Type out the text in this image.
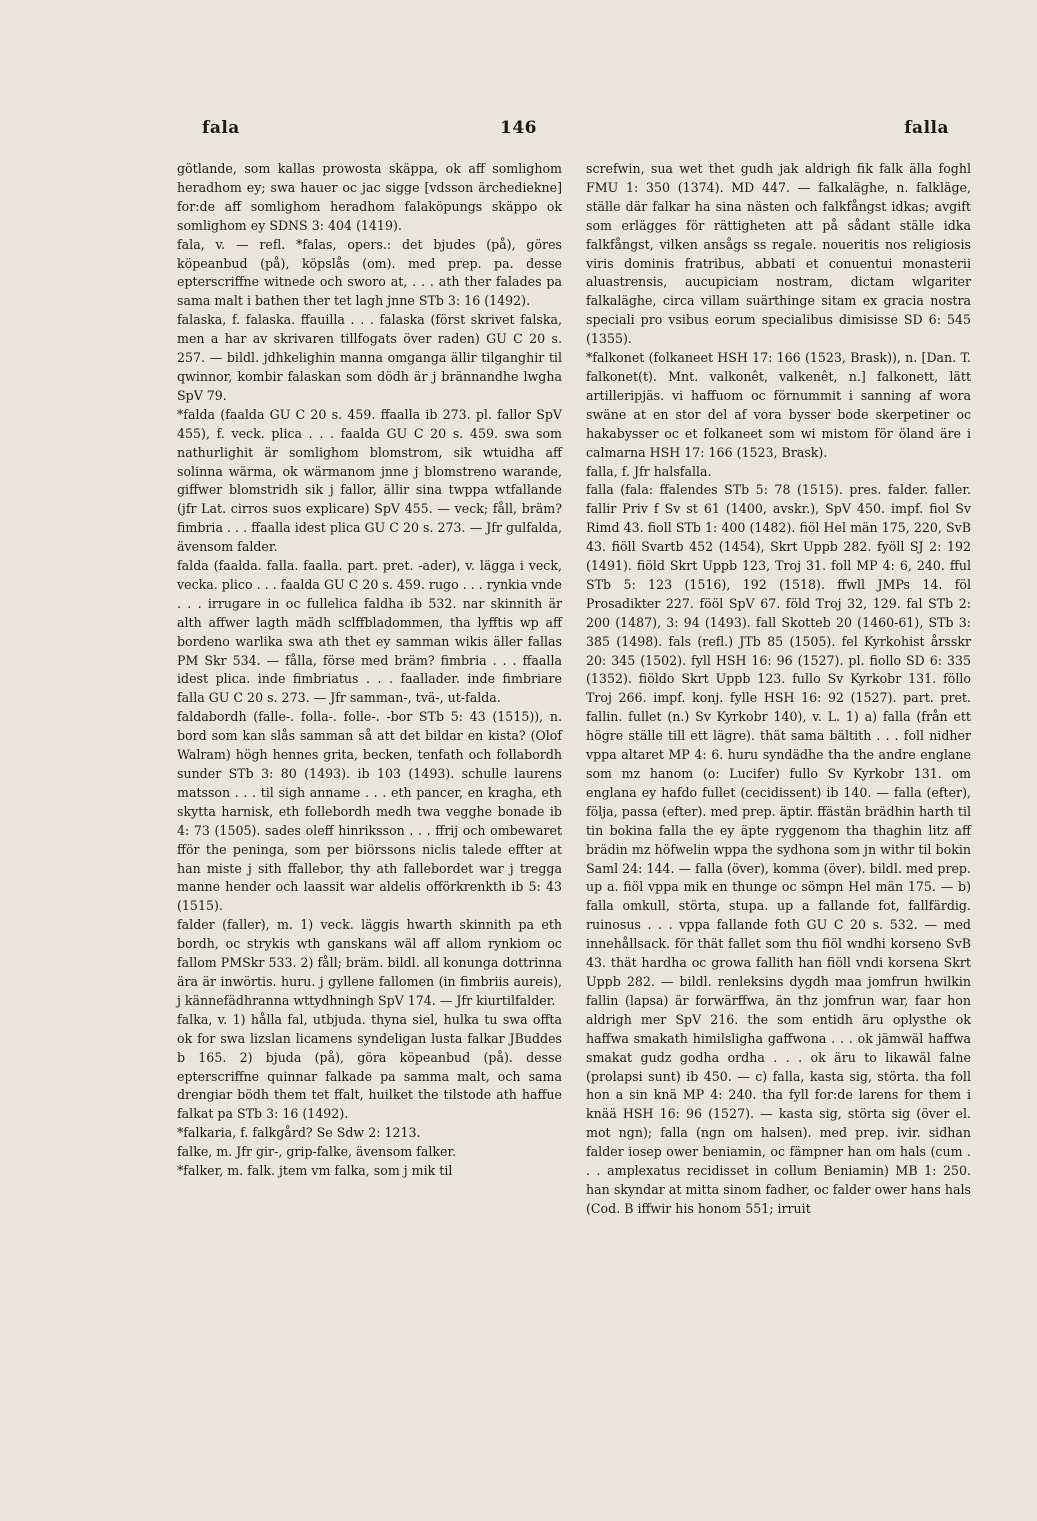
fala	146	falla

götlande, som kallas prowosta skäppa, ok aff somlighom heradhom ey; swa hauer oc jac sigge [vdsson ärchediekne] for:de aff somlighom heradhom falaköpungs skäppo ok somlighom ey SDNS 3: 404 (1419).

fala, v. — refl. *falas, opers.: det bjudes (på), göres köpeanbud (på), köpslås (om). med prep. pa. desse epterscriffne witnede och sworo at, . . . ath ther falades pa sama malt i bathen ther tet lagh jnne STb 3: 16 (1492).

falaska, f. falaska. ffauilla . . . falaska (först skrivet falska, men a har av skrivaren tillfogats över raden) GU C 20 s. 257. — bildl. jdhkelighin manna omganga ällir tilganghir til qwinnor, kombir falaskan som dödh är j brännandhe lwgha SpV 79.

*falda (faalda GU C 20 s. 459. ffaalla ib 273. pl. fallor SpV 455), f. veck. plica . . . faalda GU C 20 s. 459. swa som nathurlighit är somlighom blomstrom, sik wtuidha aff solinna wärma, ok wärmanom jnne j blomstreno warande, giffwer blomstridh sik j fallor, ällir sina twppa wtfallande (jfr Lat. cirros suos explicare) SpV 455. — veck; fåll, bräm? fimbria . . . ffaalla idest plica GU C 20 s. 273. — Jfr gulfalda, ävensom falder.

falda (faalda. falla. faalla. part. pret. -ader), v. lägga i veck, vecka. plico . . . faalda GU C 20 s. 459. rugo . . . rynkia vnde . . . irrugare in oc fullelica faldha ib 532. nar skinnith är alth affwer lagth mädh sclffbladommen, tha lyfftis wp aff bordeno warlika swa ath thet ey samman wikis äller fallas PM Skr 534. — fålla, förse med bräm? fimbria . . . ffaalla idest plica. inde fimbriatus . . . faallader. inde fimbriare falla GU C 20 s. 273. — Jfr samman-, tvä-, ut-falda.

faldabordh (falle-. folla-. folle-. -bor STb 5: 43 (1515)), n. bord som kan slås samman så att det bildar en kista? (Olof Walram) högh hennes grita, becken, tenfath och follabordh sunder STb 3: 80 (1493). ib 103 (1493). schulle laurens matsson . . . til sigh anname . . . eth pancer, en kragha, eth skytta harnisk, eth follebordh medh twa vegghe bonade ib 4: 73 (1505). sades oleff hinriksson . . . ffrij och ombewaret fför the peninga, som per biörssons niclis talede effter at han miste j sith ffallebor, thy ath fallebordet war j tregga manne hender och laassit war aldelis offörkrenkth ib 5: 43 (1515).

falder (faller), m. 1) veck. läggis hwarth skinnith pa eth bordh, oc strykis wth ganskans wäl aff allom rynkiom oc fallom PMSkr 533. 2) fåll; bräm. bildl. all konunga dottrinna ära är inwörtis. huru. j gyllene fallomen (in fimbriis aureis), j kännefädhranna wttydhningh SpV 174. — Jfr kiurtilfalder.

falka, v. 1) hålla fal, utbjuda. thyna siel, hulka tu swa offta ok for swa lizslan licamens syndeligan lusta falkar JBuddes b 165. 2) bjuda (på), göra köpeanbud (på). desse epterscriffne quinnar falkade pa samma malt, och sama drengiar bödh them tet ffalt, huilket the tilstode ath haffue falkat pa STb 3: 16 (1492).

*falkaria, f. falkgård? Se Sdw 2: 1213.

falke, m. Jfr gir-, grip-falke, ävensom falker.

*falker, m. falk. jtem vm falka, som j mik til

screfwin, sua wet thet gudh jak aldrigh fik falk älla foghl FMU 1: 350 (1374). MD 447. — falkaläghe, n. falkläge, ställe där falkar ha sina nästen och falkfångst idkas; avgift som erlägges för rättigheten att på sådant ställe idka falkfångst, vilken ansågs ss regale. noueritis nos religiosis viris dominis fratribus, abbati et conuentui monasterii aluastrensis, aucupiciam nostram, dictam wlgariter falkaläghe, circa villam suärthinge sitam ex gracia nostra speciali pro vsibus eorum specialibus dimisisse SD 6: 545 (1355).

*falkonet (folkaneet HSH 17: 166 (1523, Brask)), n. [Dan. T. falkonet(t). Mnt. valkonêt, valkenêt, n.] falkonett, lätt artilleripjäs. vi haffuom oc förnummit i sanning af wora swäne at en stor del af vora bysser bode skerpetiner oc hakabysser oc et folkaneet som wi mistom för öland äre i calmarna HSH 17: 166 (1523, Brask).

falla, f. Jfr halsfalla.

falla (fala: ffalendes STb 5: 78 (1515). pres. falder. faller. fallir Priv f Sv st 61 (1400, avskr.), SpV 450. impf. fiol Sv Rimd 43. fioll STb 1: 400 (1482). fiöl Hel män 175, 220, SvB 43. fiöll Svartb 452 (1454), Skrt Uppb 282. fyöll SJ 2: 192 (1491). fiöld Skrt Uppb 123, Troj 31. foll MP 4: 6, 240. fful STb 5: 123 (1516), 192 (1518). ffwll JMPs 14. föl Prosadikter 227. fööl SpV 67. föld Troj 32, 129. fal STb 2: 200 (1487), 3: 94 (1493). fall Skotteb 20 (1460-61), STb 3: 385 (1498). fals (refl.) JTb 85 (1505). fel Kyrkohist årsskr 20: 345 (1502). fyll HSH 16: 96 (1527). pl. fiollo SD 6: 335 (1352). fiöldo Skrt Uppb 123. fullo Sv Kyrkobr 131. föllo Troj 266. impf. konj. fylle HSH 16: 92 (1527). part. pret. fallin. fullet (n.) Sv Kyrkobr 140), v. L. 1) a) falla (från ett högre ställe till ett lägre). thät sama bältith . . . foll nidher vppa altaret MP 4: 6. huru syndädhe tha the andre englane som mz hanom (o: Lucifer) fullo Sv Kyrkobr 131. om englana ey hafdo fullet (cecidissent) ib 140. — falla (efter), följa, passa (efter). med prep. äptir. ffästän brädhin harth til tin bokina falla the ey äpte ryggenom tha thaghin litz aff brädin mz höfwelin wppa the sydhona som jn withr til bokin Saml 24: 144. — falla (över), komma (över). bildl. med prep. up a. fiöl vppa mik en thunge oc sömpn Hel män 175. — b) falla omkull, störta, stupa. up a fallande fot, fallfärdig. ruinosus . . . vppa fallande foth GU C 20 s. 532. — med innehållsack. för thät fallet som thu fiöl wndhi korseno SvB 43. thät hardha oc growa fallith han fiöll vndi korsena Skrt Uppb 282. — bildl. renleksins dygdh maa jomfrun hwilkin fallin (lapsa) är forwärffwa, än thz jomfrun war, faar hon aldrigh mer SpV 216. the som entidh äru oplysthe ok haffwa smakath himilsligha gaffwona . . . ok jämwäl haffwa smakat gudz godha ordha . . . ok äru to likawäl falne (prolapsi sunt) ib 450. — c) falla, kasta sig, störta. tha foll hon a sin knä MP 4: 240. tha fyll for:de larens for them i knää HSH 16: 96 (1527). — kasta sig, störta sig (över el. mot ngn); falla (ngn om halsen). med prep. ivir. sidhan falder iosep ower beniamin, oc fämpner han om hals (cum . . . amplexatus recidisset in collum Beniamin) MB 1: 250. han skyndar at mitta sinom fadher, oc falder ower hans hals (Cod. B iffwir his honom 551; irruit
